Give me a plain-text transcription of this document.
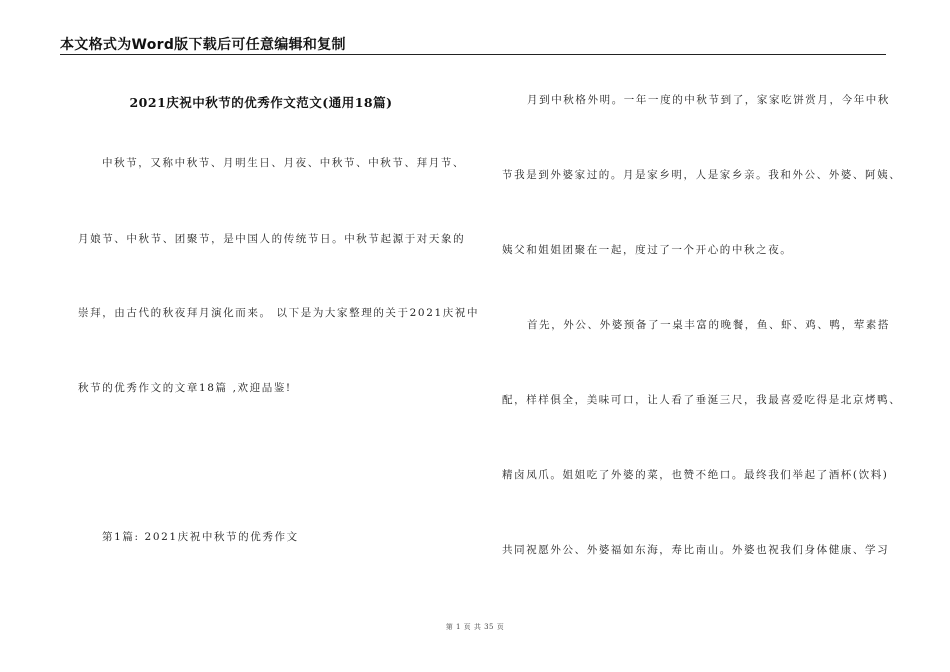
本文格式为Word版下载后可任意编辑和复制
2021庆祝中秋节的优秀作文范文(通用18篇)
中秋节，又称中秋节、月明生日、月夜、中秋节、中秋节、拜月节、
月娘节、中秋节、团聚节，是中国人的传统节日。中秋节起源于对天象的
崇拜，由古代的秋夜拜月演化而来。 以下是为大家整理的关于2021庆祝中
秋节的优秀作文的文章18篇 ,欢迎品鉴!
第1篇: 2021庆祝中秋节的优秀作文
月到中秋格外明。一年一度的中秋节到了，家家吃饼赏月，今年中秋
节我是到外婆家过的。月是家乡明，人是家乡亲。我和外公、外婆、阿姨、
姨父和姐姐团聚在一起，度过了一个开心的中秋之夜。
首先，外公、外婆预备了一桌丰富的晚餐，鱼、虾、鸡、鸭，荤素搭
配，样样俱全，美味可口，让人看了垂涎三尺，我最喜爱吃得是北京烤鸭、
精卤凤爪。姐姐吃了外婆的菜，也赞不绝口。最终我们举起了酒杯(饮料)
共同祝愿外公、外婆福如东海，寿比南山。外婆也祝我们身体健康、学习
第 1 页 共 35 页
